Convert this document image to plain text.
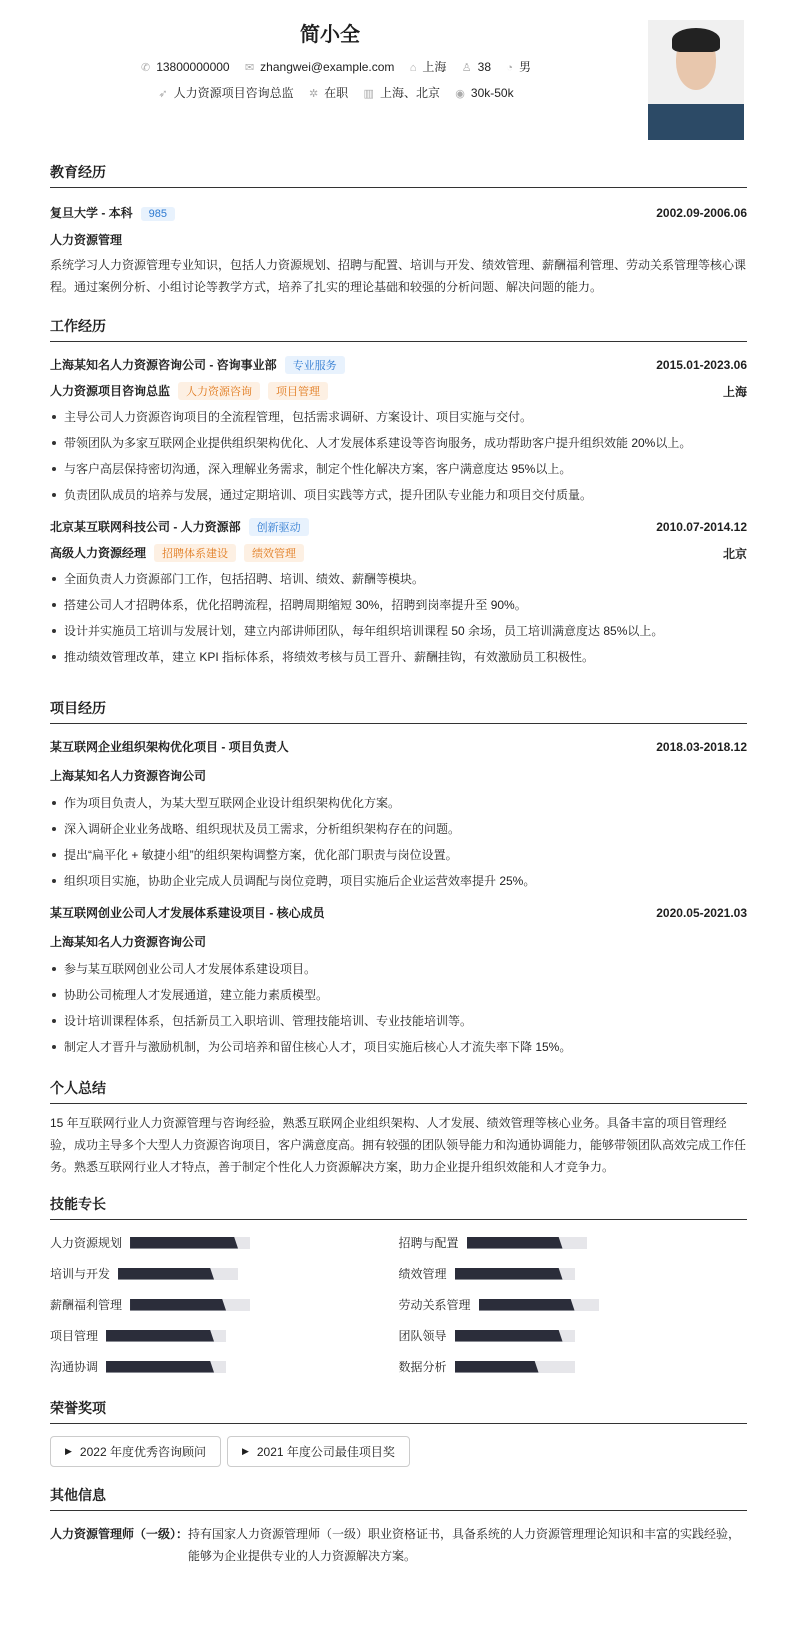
简小全
✆ 13800000000 ✉ zhangwei@example.com ⌂ 上海 ♙ 38 ◔ 男
➶ 人力资源项目咨询总监 ✲ 在职 ▥ 上海、北京 ◉ 30k-50k
教育经历
复旦大学 - 本科 985	2002.09-2006.06
人力资源管理

系统学习人力资源管理专业知识，包括人力资源规划、招聘与配置、培训与开发、绩效管理、薪酬福利管理、劳动关系管理等核心课程。通过案例分析、小组讨论等教学方式，培养了扎实的理论基础和较强的分析问题、解决问题的能力。

工作经历
上海某知名人力资源咨询公司 - 咨询事业部 专业服务	2015.01-2023.06
人力资源项目咨询总监 人力资源咨询 项目管理	上海
主导公司人力资源咨询项目的全流程管理，包括需求调研、方案设计、项目实施与交付。
带领团队为多家互联网企业提供组织架构优化、人才发展体系建设等咨询服务，成功帮助客户提升组织效能 20%以上。
与客户高层保持密切沟通，深入理解业务需求，制定个性化解决方案，客户满意度达 95%以上。
负责团队成员的培养与发展，通过定期培训、项目实践等方式，提升团队专业能力和项目交付质量。
北京某互联网科技公司 - 人力资源部 创新驱动	2010.07-2014.12
高级人力资源经理 招聘体系建设 绩效管理	北京
全面负责人力资源部门工作，包括招聘、培训、绩效、薪酬等模块。
搭建公司人才招聘体系，优化招聘流程，招聘周期缩短 30%，招聘到岗率提升至 90%。
设计并实施员工培训与发展计划，建立内部讲师团队，每年组织培训课程 50 余场，员工培训满意度达 85%以上。
推动绩效管理改革，建立 KPI 指标体系，将绩效考核与员工晋升、薪酬挂钩，有效激励员工积极性。
项目经历
某互联网企业组织架构优化项目 - 项目负责人	2018.03-2018.12
上海某知名人力资源咨询公司
作为项目负责人，为某大型互联网企业设计组织架构优化方案。
深入调研企业业务战略、组织现状及员工需求，分析组织架构存在的问题。
提出“扁平化 + 敏捷小组”的组织架构调整方案，优化部门职责与岗位设置。
组织项目实施，协助企业完成人员调配与岗位竞聘，项目实施后企业运营效率提升 25%。
某互联网创业公司人才发展体系建设项目 - 核心成员	2020.05-2021.03
上海某知名人力资源咨询公司
参与某互联网创业公司人才发展体系建设项目。
协助公司梳理人才发展通道，建立能力素质模型。
设计培训课程体系，包括新员工入职培训、管理技能培训、专业技能培训等。
制定人才晋升与激励机制，为公司培养和留住核心人才，项目实施后核心人才流失率下降 15%。
个人总结

15 年互联网行业人力资源管理与咨询经验，熟悉互联网企业组织架构、人才发展、绩效管理等核心业务。具备丰富的项目管理经验，成功主导多个大型人力资源咨询项目，客户满意度高。拥有较强的团队领导能力和沟通协调能力，能够带领团队高效完成工作任务。熟悉互联网行业人才特点，善于制定个性化人力资源解决方案，助力企业提升组织效能和人才竞争力。

技能专长
人力资源规划	招聘与配置
培训与开发	绩效管理
薪酬福利管理	劳动关系管理
项目管理	团队领导
沟通协调	数据分析
荣誉奖项
▶ 2022 年度优秀咨询顾问	▶ 2021 年度公司最佳项目奖
其他信息
人力资源管理师（一级）： 持有国家人力资源管理师（一级）职业资格证书，具备系统的人力资源管理理论知识和丰富的实践经验，能够为企业提供专业的人力资源解决方案。
